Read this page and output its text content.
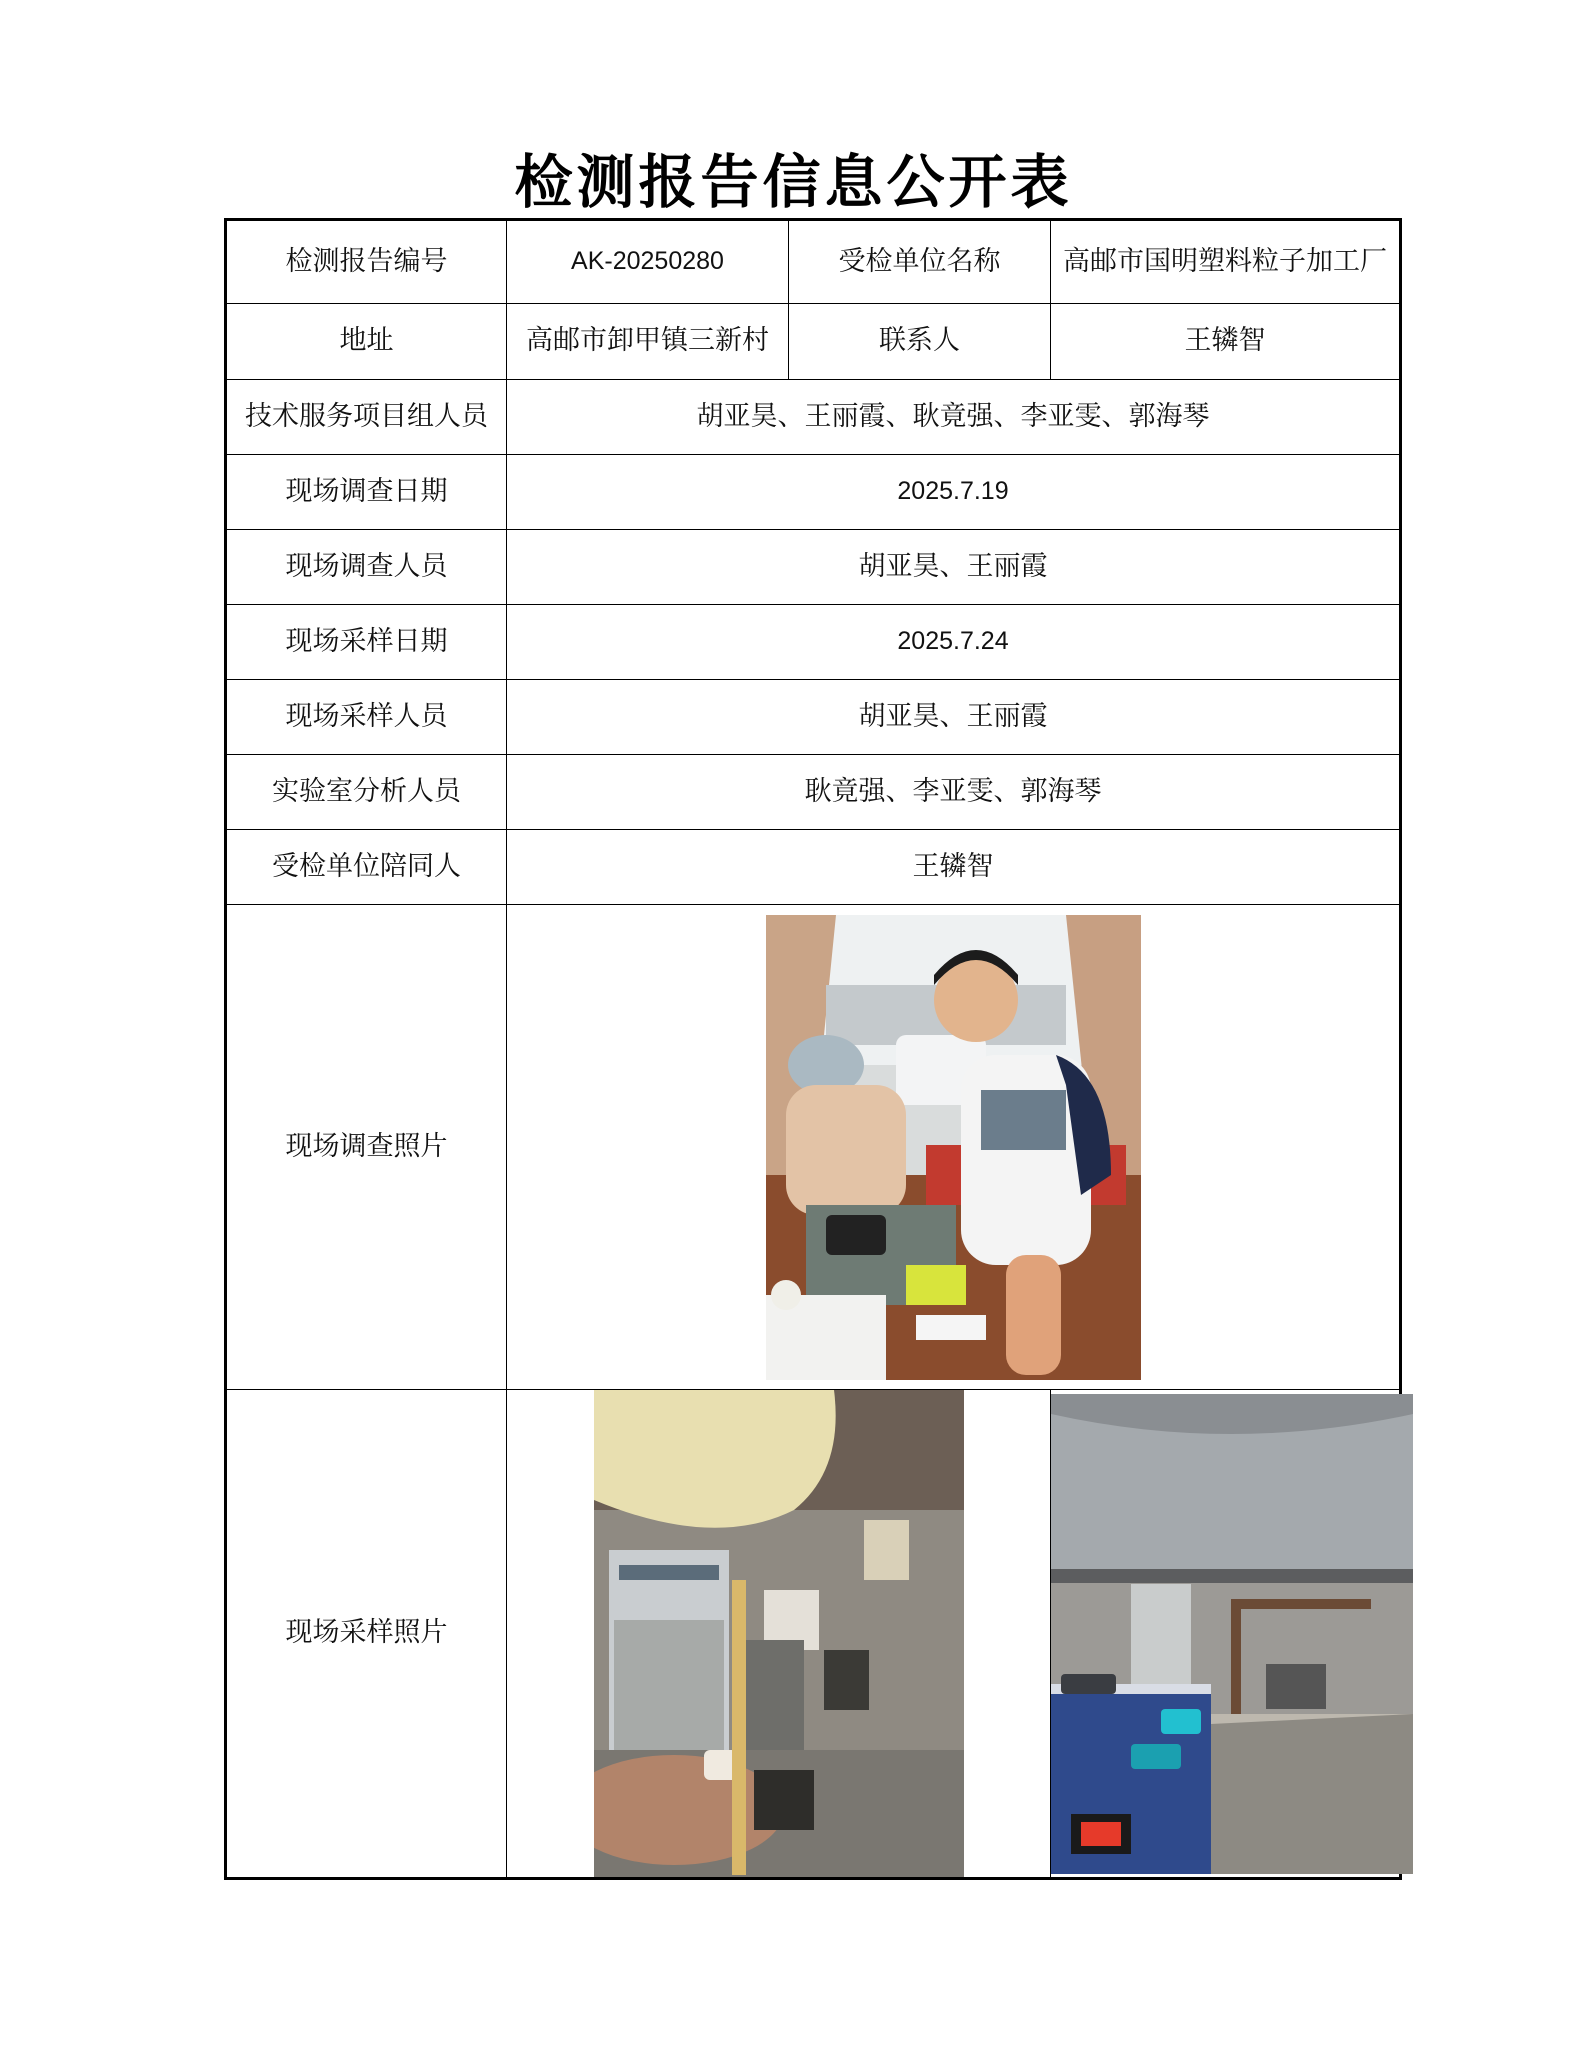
检测报告信息公开表
检测报告编号	AK-20250280	受检单位名称	高邮市国明塑料粒子加工厂
地址	高邮市卸甲镇三新村	联系人	王辚智
技术服务项目组人员	胡亚昊、王丽霞、耿竟强、李亚雯、郭海琴		
现场调查日期	2025.7.19		
现场调查人员	胡亚昊、王丽霞		
现场采样日期	2025.7.24		
现场采样人员	胡亚昊、王丽霞		
实验室分析人员	耿竟强、李亚雯、郭海琴		
受检单位陪同人	王辚智		
现场调查照片	

现场采样照片	
